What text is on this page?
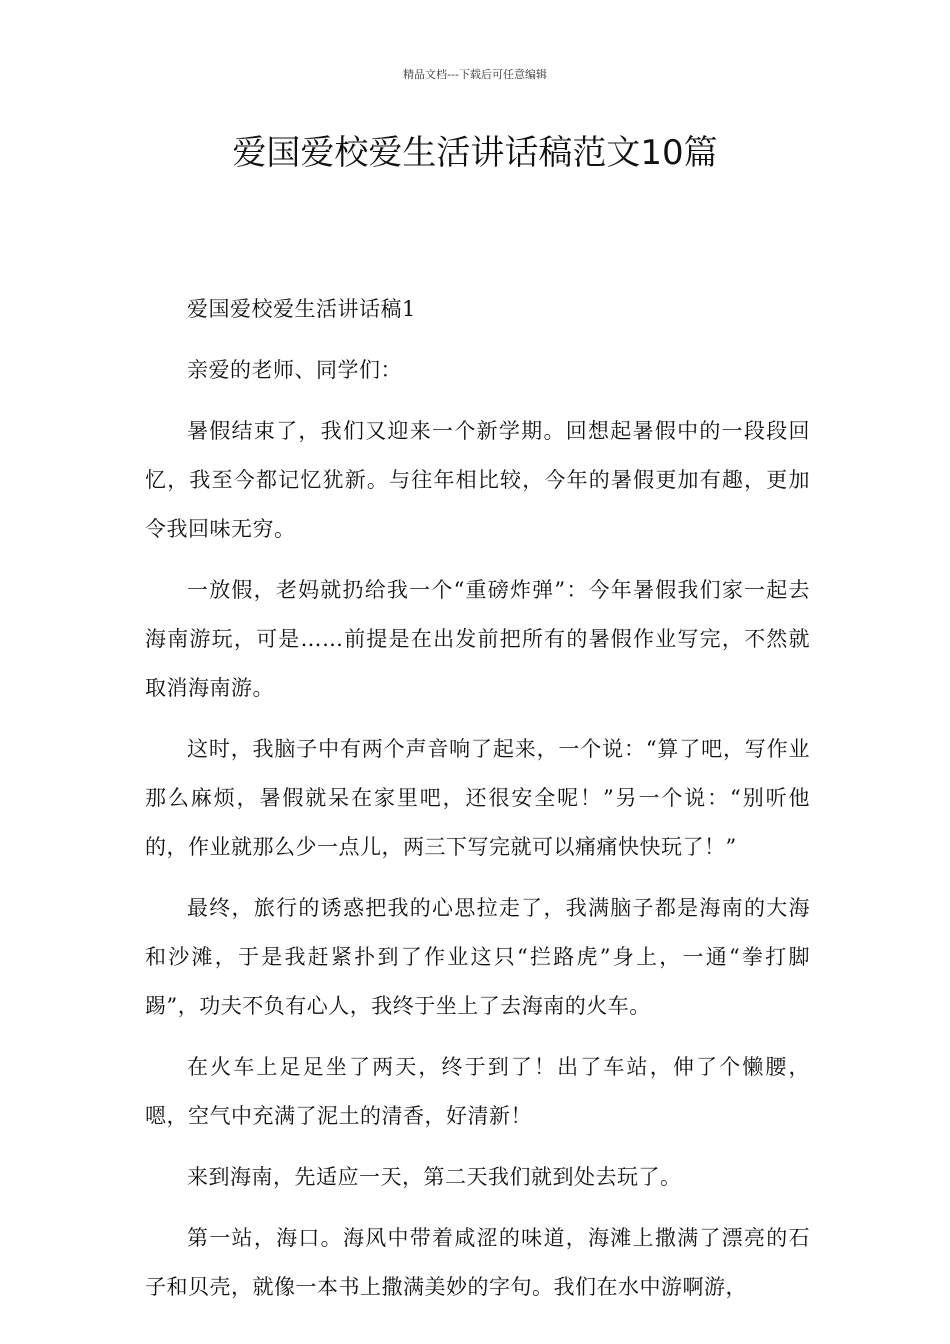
精品文档---下载后可任意编辑
爱国爱校爱生活讲话稿范文10篇

爱国爱校爱生活讲话稿1

亲爱的老师、同学们：

暑假结束了，我们又迎来一个新学期。回想起暑假中的一段段回忆，我至今都记忆犹新。与往年相比较，今年的暑假更加有趣，更加令我回味无穷。

一放假，老妈就扔给我一个“重磅炸弹”：今年暑假我们家一起去海南游玩，可是……前提是在出发前把所有的暑假作业写完，不然就取消海南游。

这时，我脑子中有两个声音响了起来，一个说：“算了吧，写作业那么麻烦，暑假就呆在家里吧，还很安全呢！”另一个说：“别听他的，作业就那么少一点儿，两三下写完就可以痛痛快快玩了！”

最终，旅行的诱惑把我的心思拉走了，我满脑子都是海南的大海和沙滩，于是我赶紧扑到了作业这只“拦路虎”身上，一通“拳打脚踢”，功夫不负有心人，我终于坐上了去海南的火车。

在火车上足足坐了两天，终于到了！出了车站，伸了个懒腰，嗯，空气中充满了泥土的清香，好清新！

来到海南，先适应一天，第二天我们就到处去玩了。

第一站，海口。海风中带着咸涩的味道，海滩上撒满了漂亮的石子和贝壳，就像一本书上撒满美妙的字句。我们在水中游啊游，
